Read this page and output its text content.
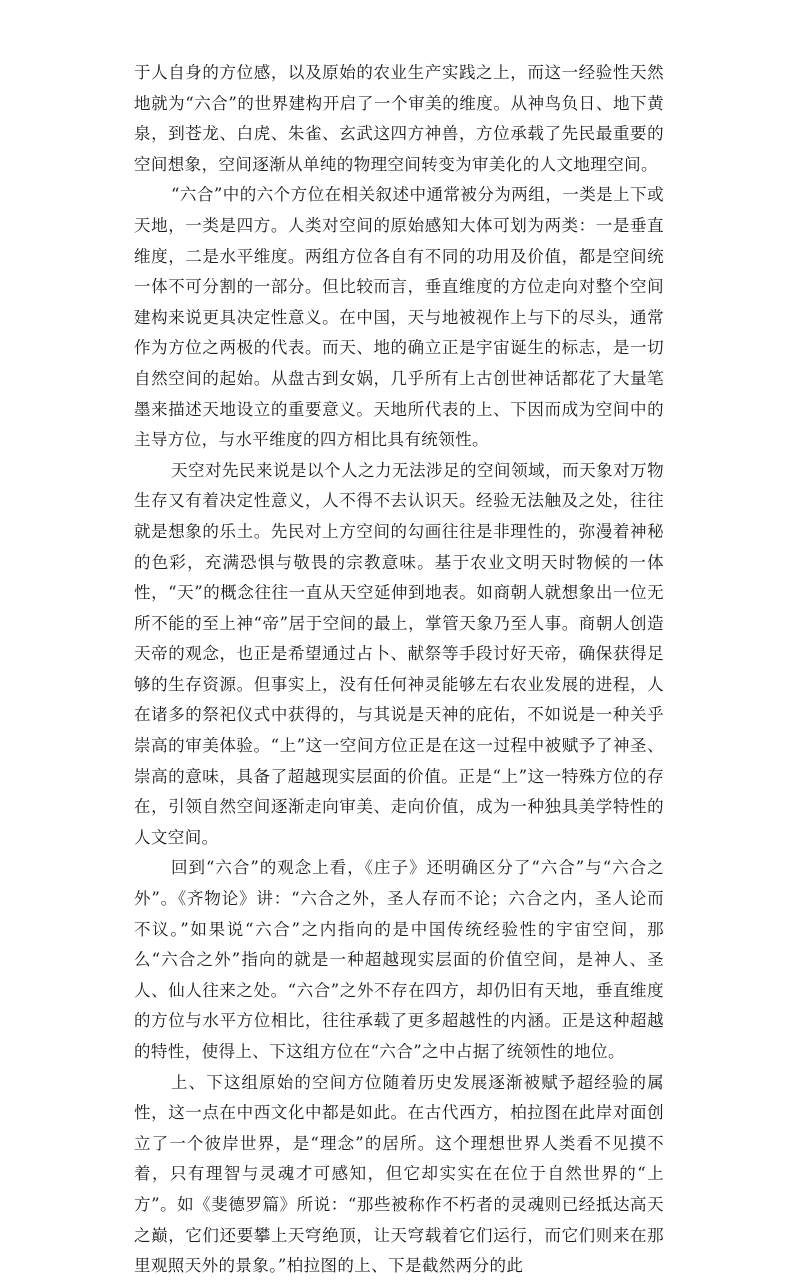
于人自身的方位感，以及原始的农业生产实践之上，而这一经验性天然地就为“六合”的世界建构开启了一个审美的维度。从神鸟负日、地下黄泉，到苍龙、白虎、朱雀、玄武这四方神兽，方位承载了先民最重要的空间想象，空间逐渐从单纯的物理空间转变为审美化的人文地理空间。

“六合”中的六个方位在相关叙述中通常被分为两组，一类是上下或天地，一类是四方。人类对空间的原始感知大体可划为两类：一是垂直维度，二是水平维度。两组方位各自有不同的功用及价值，都是空间统一体不可分割的一部分。但比较而言，垂直维度的方位走向对整个空间建构来说更具决定性意义。在中国，天与地被视作上与下的尽头，通常作为方位之两极的代表。而天、地的确立正是宇宙诞生的标志，是一切自然空间的起始。从盘古到女娲，几乎所有上古创世神话都花了大量笔墨来描述天地设立的重要意义。天地所代表的上、下因而成为空间中的主导方位，与水平维度的四方相比具有统领性。

天空对先民来说是以个人之力无法涉足的空间领域，而天象对万物生存又有着决定性意义，人不得不去认识天。经验无法触及之处，往往就是想象的乐土。先民对上方空间的勾画往往是非理性的，弥漫着神秘的色彩，充满恐惧与敬畏的宗教意味。基于农业文明天时物候的一体性，“天”的概念往往一直从天空延伸到地表。如商朝人就想象出一位无所不能的至上神“帝”居于空间的最上，掌管天象乃至人事。商朝人创造天帝的观念，也正是希望通过占卜、献祭等手段讨好天帝，确保获得足够的生存资源。但事实上，没有任何神灵能够左右农业发展的进程，人在诸多的祭祀仪式中获得的，与其说是天神的庇佑，不如说是一种关乎崇高的审美体验。“上”这一空间方位正是在这一过程中被赋予了神圣、崇高的意味，具备了超越现实层面的价值。正是“上”这一特殊方位的存在，引领自然空间逐渐走向审美、走向价值，成为一种独具美学特性的人文空间。

回到“六合”的观念上看，《庄子》还明确区分了“六合”与“六合之外”。《齐物论》讲：“六合之外，圣人存而不论；六合之内，圣人论而不议。”如果说“六合”之内指向的是中国传统经验性的宇宙空间，那么“六合之外”指向的就是一种超越现实层面的价值空间，是神人、圣人、仙人往来之处。“六合”之外不存在四方，却仍旧有天地，垂直维度的方位与水平方位相比，往往承载了更多超越性的内涵。正是这种超越的特性，使得上、下这组方位在“六合”之中占据了统领性的地位。

上、下这组原始的空间方位随着历史发展逐渐被赋予超经验的属性，这一点在中西文化中都是如此。在古代西方，柏拉图在此岸对面创立了一个彼岸世界，是“理念”的居所。这个理想世界人类看不见摸不着，只有理智与灵魂才可感知，但它却实实在在位于自然世界的“上方”。如《斐德罗篇》所说：“那些被称作不朽者的灵魂则已经抵达高天之巅，它们还要攀上天穹绝顶，让天穹载着它们运行，而它们则来在那里观照天外的景象。”柏拉图的上、下是截然两分的此
